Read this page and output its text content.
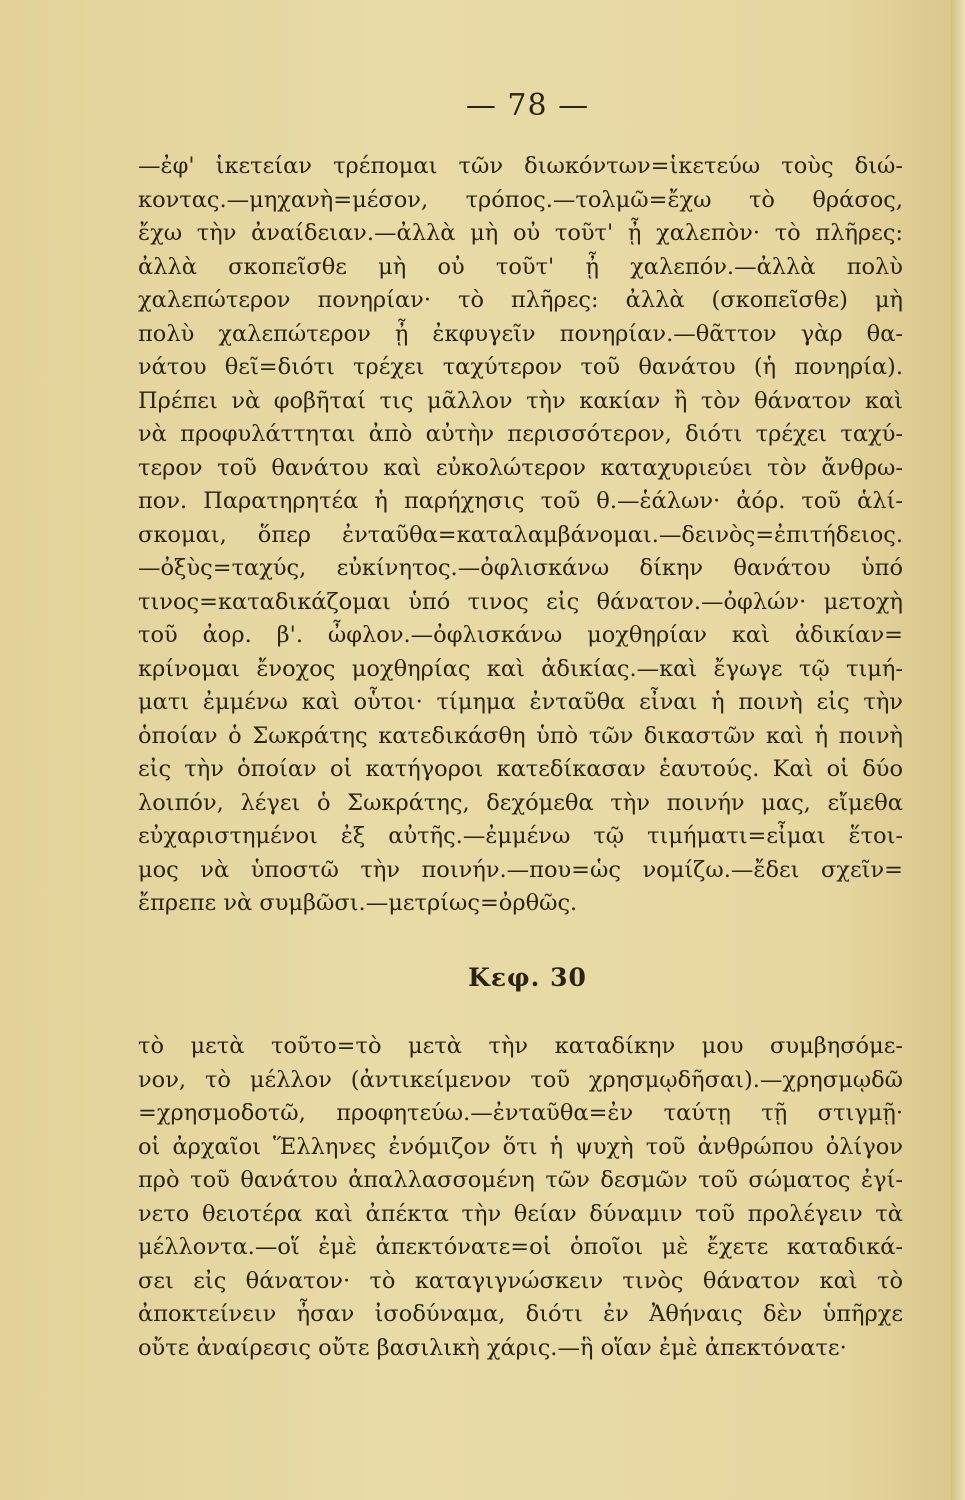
— 78 —
—ἐφ' ἱκετείαν τρέπομαι τῶν διωκόντων=ἱκετεύω τοὺς διώ-
κοντας.—μηχανὴ=μέσον, τρόπος.—τολμῶ=ἔχω τὸ θράσος,
ἔχω τὴν ἀναίδειαν.—ἀλλὰ μὴ οὐ τοῦτ' ᾖ χαλεπὸν· τὸ πλῆρες:
ἀλλὰ σκοπεῖσθε μὴ οὐ τοῦτ' ᾖ χαλεπόν.—ἀλλὰ πολὺ
χαλεπώτερον πονηρίαν· τὸ πλῆρες: ἀλλὰ (σκοπεῖσθε) μὴ
πολὺ χαλεπώτερον ᾖ ἐκφυγεῖν πονηρίαν.—θᾶττον γὰρ θα-
νάτου θεῖ=διότι τρέχει ταχύτερον τοῦ θανάτου (ἡ πονηρία).
Πρέπει νὰ φοβῆταί τις μᾶλλον τὴν κακίαν ἢ τὸν θάνατον καὶ
νὰ προφυλάττηται ἀπὸ αὐτὴν περισσότερον, διότι τρέχει ταχύ-
τερον τοῦ θανάτου καὶ εὐκολώτερον καταχυριεύει τὸν ἄνθρω-
πον. Παρατηρητέα ἡ παρήχησις τοῦ θ.—ἑάλων· ἀόρ. τοῦ ἁλί-
σκομαι, ὅπερ ἐνταῦθα=καταλαμβάνομαι.—δεινὸς=ἐπιτήδειος.
—ὀξὺς=ταχύς, εὐκίνητος.—ὀφλισκάνω δίκην θανάτου ὑπό
τινος=καταδικάζομαι ὑπό τινος εἰς θάνατον.—ὀφλών· μετοχὴ
τοῦ ἀορ. β'. ὦφλον.—ὀφλισκάνω μοχθηρίαν καὶ ἀδικίαν=
κρίνομαι ἔνοχος μοχθηρίας καὶ ἀδικίας.—καὶ ἔγωγε τῷ τιμή-
ματι ἐμμένω καὶ οὗτοι· τίμημα ἐνταῦθα εἶναι ἡ ποινὴ εἰς τὴν
ὁποίαν ὁ Σωκράτης κατεδικάσθη ὑπὸ τῶν δικαστῶν καὶ ἡ ποινὴ
εἰς τὴν ὁποίαν οἱ κατήγοροι κατεδίκασαν ἑαυτούς. Καὶ οἱ δύο
λοιπόν, λέγει ὁ Σωκράτης, δεχόμεθα τὴν ποινήν μας, εἴμεθα
εὐχαριστημένοι ἐξ αὐτῆς.—ἐμμένω τῷ τιμήματι=εἶμαι ἕτοι-
μος νὰ ὑποστῶ τὴν ποινήν.—που=ὡς νομίζω.—ἔδει σχεῖν=
ἔπρεπε νὰ συμβῶσι.—μετρίως=ὀρθῶς.
Κεφ. 30
τὸ μετὰ τοῦτο=τὸ μετὰ τὴν καταδίκην μου συμβησόμε-
νον, τὸ μέλλον (ἀντικείμενον τοῦ χρησμῳδῆσαι).—χρησμῳδῶ
=χρησμοδοτῶ, προφητεύω.—ἐνταῦθα=ἐν ταύτῃ τῇ στιγμῇ·
οἱ ἀρχαῖοι Ἕλληνες ἐνόμιζον ὅτι ἡ ψυχὴ τοῦ ἀνθρώπου ὀλίγον
πρὸ τοῦ θανάτου ἀπαλλασσομένη τῶν δεσμῶν τοῦ σώματος ἐγί-
νετο θειοτέρα καὶ ἀπέκτα τὴν θείαν δύναμιν τοῦ προλέγειν τὰ
μέλλοντα.—οἵ ἐμὲ ἀπεκτόνατε=οἱ ὁποῖοι μὲ ἔχετε καταδικά-
σει εἰς θάνατον· τὸ καταγιγνώσκειν τινὸς θάνατον καὶ τὸ
ἀποκτείνειν ἦσαν ἰσοδύναμα, διότι ἐν Ἀθήναις δὲν ὑπῆρχε
οὔτε ἀναίρεσις οὔτε βασιλικὴ χάρις.—ἣ οἵαν ἐμὲ ἀπεκτόνατε·
